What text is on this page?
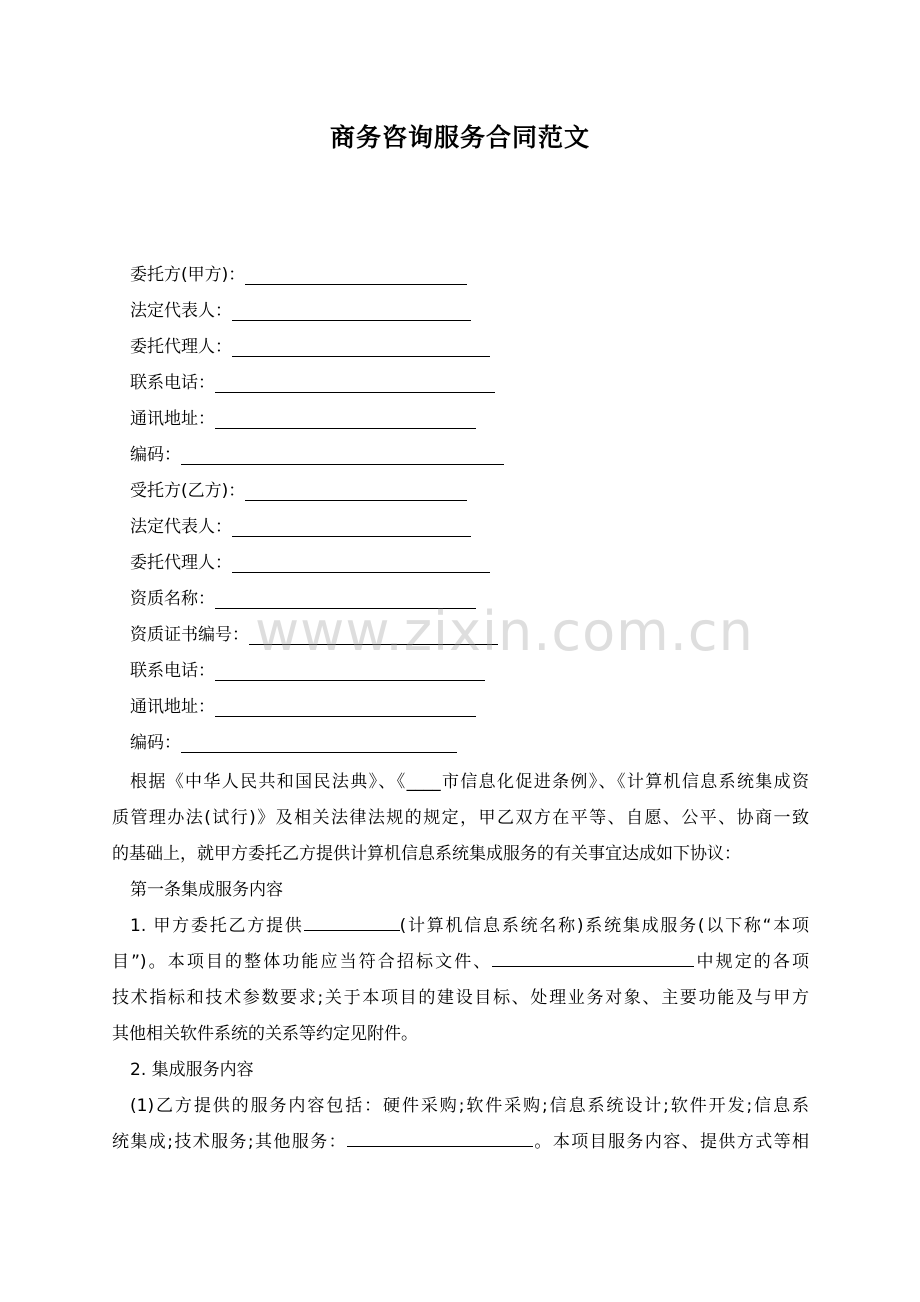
商务咨询服务合同范文
委托方(甲方)：
法定代表人：
委托代理人：
联系电话：
通讯地址：
编码：
受托方(乙方)：
法定代表人：
委托代理人：
资质名称：
资质证书编号：
联系电话：
通讯地址：
编码：

根据《中华人民共和国民法典》、《____市信息化促进条例》、《计算机信息系统集成资

质管理办法(试行)》及相关法律法规的规定，甲乙双方在平等、自愿、公平、协商一致

的基础上，就甲方委托乙方提供计算机信息系统集成服务的有关事宜达成如下协议：

第一条集成服务内容

1. 甲方委托乙方提供	(计算机信息系统名称)系统集成服务(以下称“本项

目”)。本项目的整体功能应当符合招标文件、	中规定的各项

技术指标和技术参数要求;关于本项目的建设目标、处理业务对象、主要功能及与甲方

其他相关软件系统的关系等约定见附件。

2. 集成服务内容

(1)乙方提供的服务内容包括：硬件采购;软件采购;信息系统设计;软件开发;信息系

统集成;技术服务;其他服务：	。本项目服务内容、提供方式等相

www.zixin.com.cn
